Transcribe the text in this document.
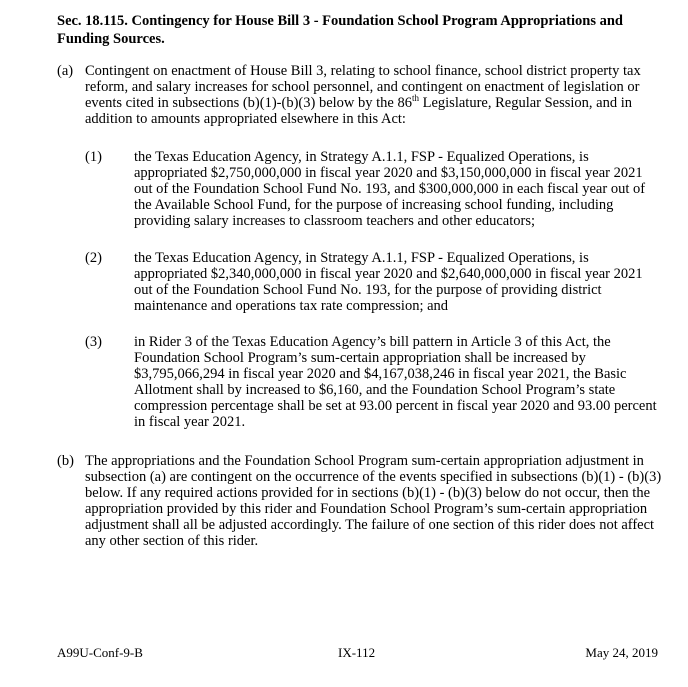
Sec. 18.115. Contingency for House Bill 3 - Foundation School Program Appropriations and Funding Sources.
(a) Contingent on enactment of House Bill 3, relating to school finance, school district property tax reform, and salary increases for school personnel, and contingent on enactment of legislation or events cited in subsections (b)(1)-(b)(3) below by the 86th Legislature, Regular Session, and in addition to amounts appropriated elsewhere in this Act:
(1) the Texas Education Agency, in Strategy A.1.1, FSP - Equalized Operations, is appropriated $2,750,000,000 in fiscal year 2020 and $3,150,000,000 in fiscal year 2021 out of the Foundation School Fund No. 193, and $300,000,000 in each fiscal year out of the Available School Fund, for the purpose of increasing school funding, including providing salary increases to classroom teachers and other educators;
(2) the Texas Education Agency, in Strategy A.1.1, FSP - Equalized Operations, is appropriated $2,340,000,000 in fiscal year 2020 and $2,640,000,000 in fiscal year 2021 out of the Foundation School Fund No. 193, for the purpose of providing district maintenance and operations tax rate compression; and
(3) in Rider 3 of the Texas Education Agency’s bill pattern in Article 3 of this Act, the Foundation School Program’s sum-certain appropriation shall be increased by $3,795,066,294 in fiscal year 2020 and $4,167,038,246 in fiscal year 2021, the Basic Allotment shall by increased to $6,160, and the Foundation School Program’s state compression percentage shall be set at 93.00 percent in fiscal year 2020 and 93.00 percent in fiscal year 2021.
(b) The appropriations and the Foundation School Program sum-certain appropriation adjustment in subsection (a) are contingent on the occurrence of the events specified in subsections (b)(1) - (b)(3) below. If any required actions provided for in sections (b)(1) - (b)(3) below do not occur, then the appropriation provided by this rider and Foundation School Program’s sum-certain appropriation adjustment shall all be adjusted accordingly. The failure of one section of this rider does not affect any other section of this rider.
A99U-Conf-9-B	IX-112	May 24, 2019
